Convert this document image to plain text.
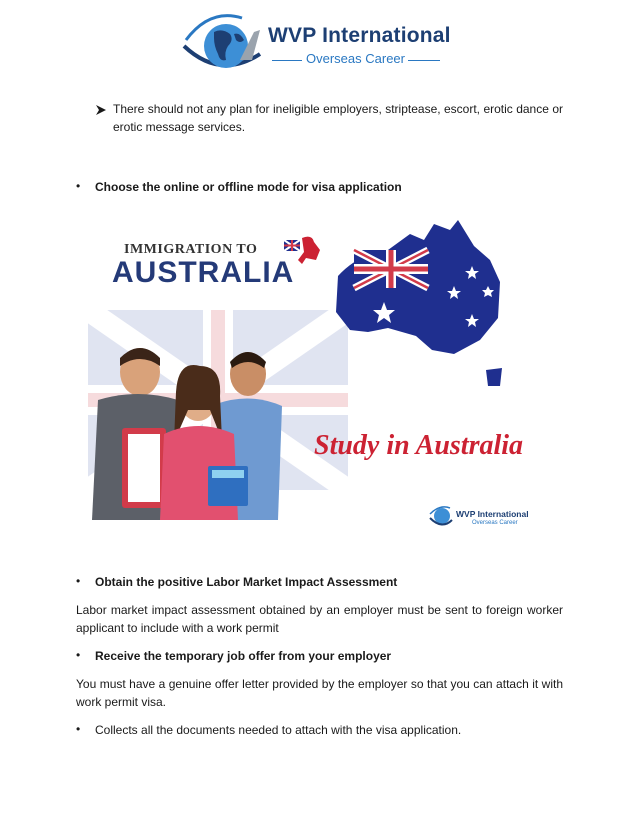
WVP International
Overseas Career
There should not any plan for ineligible employers, striptease, escort, erotic dance or erotic message services.
• Choose the online or offline mode for visa application
IMMIGRATION TO
AUSTRALIA
Study in Australia
WVP International
Overseas Career
• Obtain the positive Labor Market Impact Assessment
Labor market impact assessment obtained by an employer must be sent to foreign worker applicant to include with a work permit
• Receive the temporary job offer from your employer
You must have a genuine offer letter provided by the employer so that you can attach it with work permit visa.
• Collects all the documents needed to attach with the visa application.
